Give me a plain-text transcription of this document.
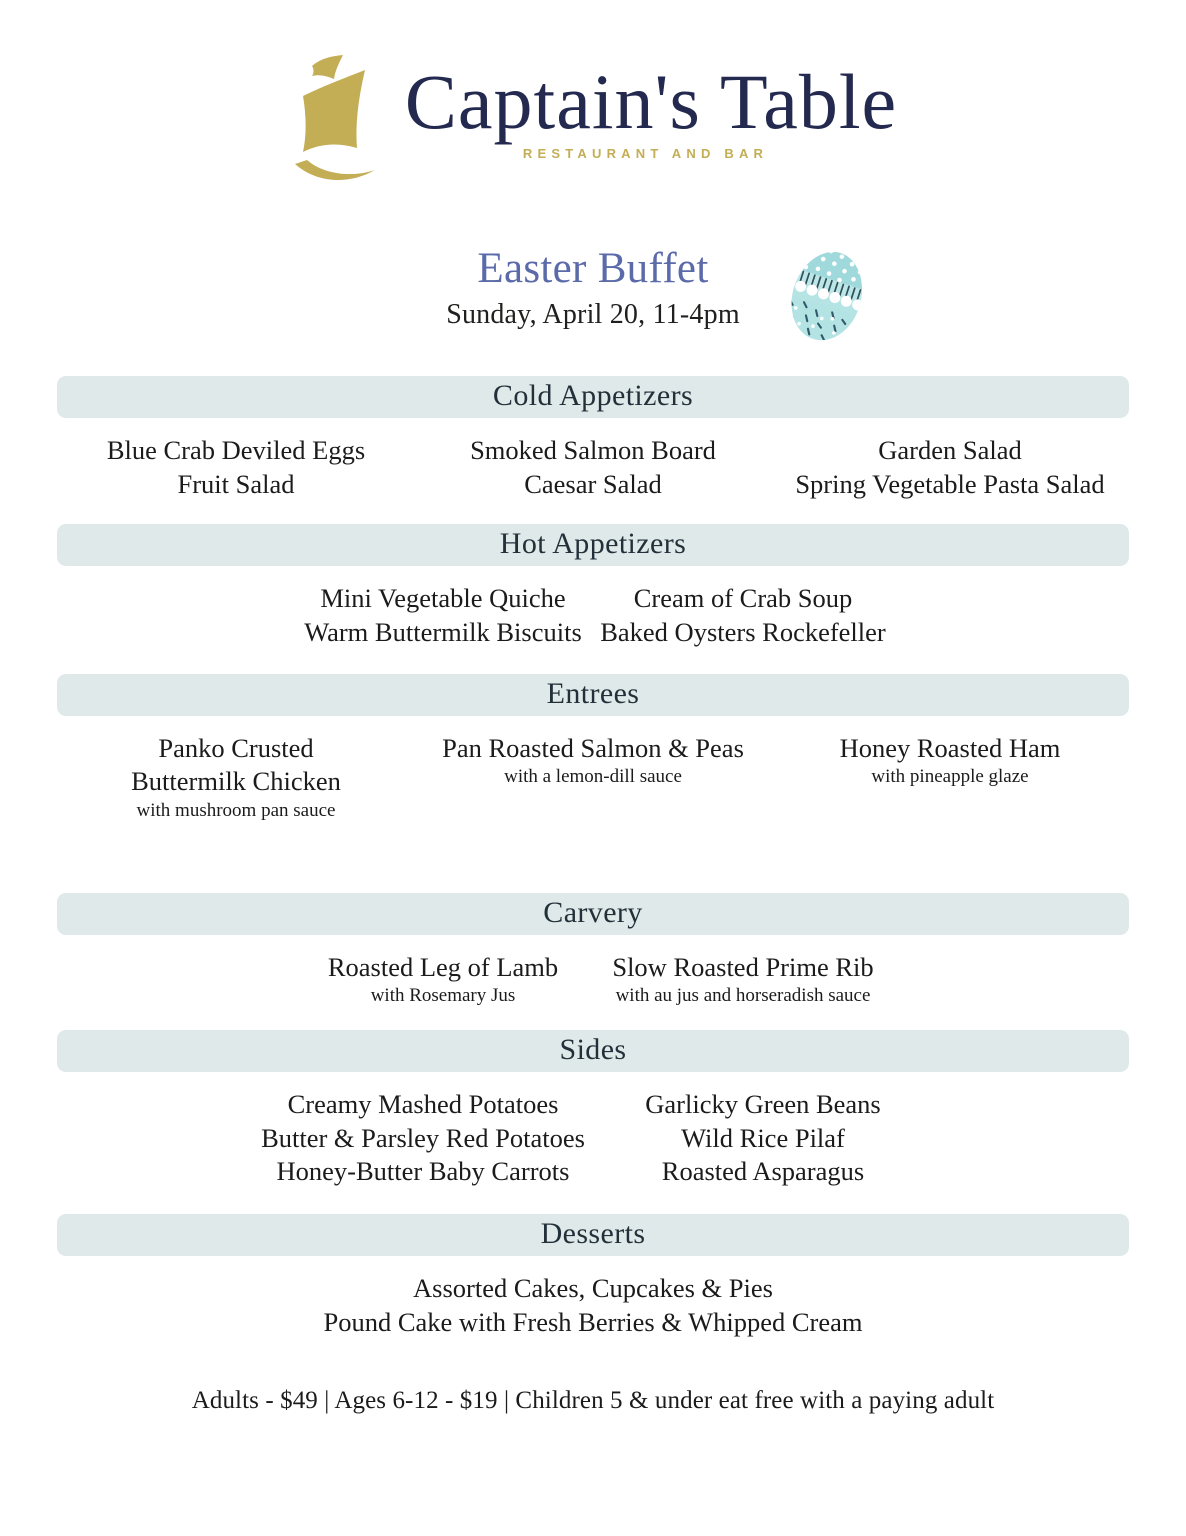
Captain's Table
RESTAURANT AND BAR
Easter Buffet
Sunday, April 20, 11-4pm
Cold Appetizers
Blue Crab Deviled Eggs
Fruit Salad
Smoked Salmon Board
Caesar Salad
Garden Salad
Spring Vegetable Pasta Salad
Hot Appetizers
Mini Vegetable Quiche
Warm Buttermilk Biscuits
Cream of Crab Soup
Baked Oysters Rockefeller
Entrees
Panko Crusted
Buttermilk Chicken
with mushroom pan sauce
Pan Roasted Salmon & Peas
with a lemon-dill sauce
Honey Roasted Ham
with pineapple glaze
Carvery
Roasted Leg of Lamb
with Rosemary Jus
Slow Roasted Prime Rib
with au jus and horseradish sauce
Sides
Creamy Mashed Potatoes
Butter & Parsley Red Potatoes
Honey-Butter Baby Carrots
Garlicky Green Beans
Wild Rice Pilaf
Roasted Asparagus
Desserts
Assorted Cakes, Cupcakes & Pies
Pound Cake with Fresh Berries & Whipped Cream
Adults - $49 | Ages 6-12 - $19 | Children 5 & under eat free with a paying adult
